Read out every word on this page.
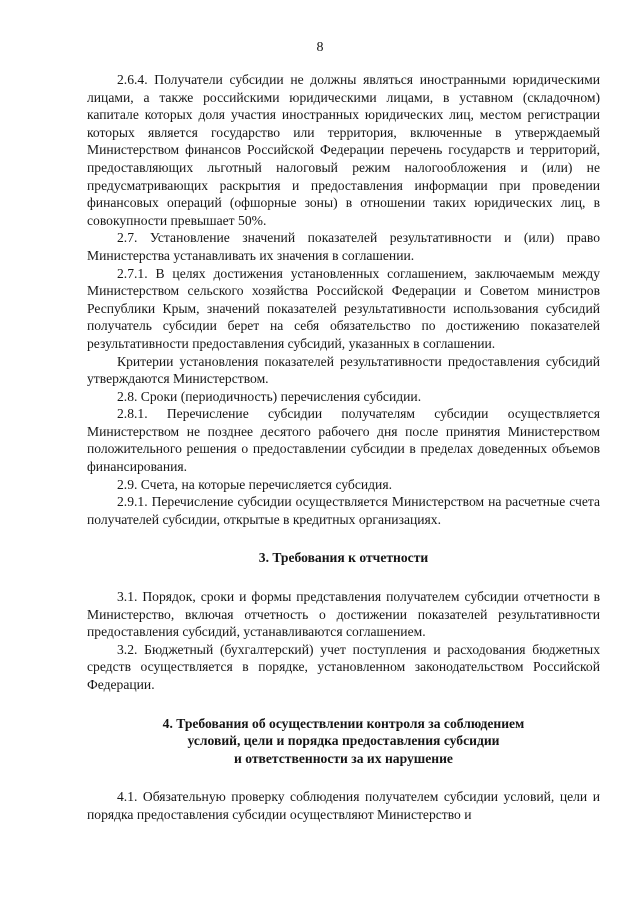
8

2.6.4. Получатели субсидии не должны являться иностранными юридическими лицами, а также российскими юридическими лицами, в уставном (складочном) капитале которых доля участия иностранных юридических лиц, местом регистрации которых является государство или территория, включенные в утверждаемый Министерством финансов Российской Федерации перечень государств и территорий, предоставляющих льготный налоговый режим налогообложения и (или) не предусматривающих раскрытия и предоставления информации при проведении финансовых операций (офшорные зоны) в отношении таких юридических лиц, в совокупности превышает 50%.

2.7. Установление значений показателей результативности и (или) право Министерства устанавливать их значения в соглашении.

2.7.1. В целях достижения установленных соглашением, заключаемым между Министерством сельского хозяйства Российской Федерации и Советом министров Республики Крым, значений показателей результативности использования субсидий получатель субсидии берет на себя обязательство по достижению показателей результативности предоставления субсидий, указанных в соглашении.

Критерии установления показателей результативности предоставления субсидий утверждаются Министерством.

2.8. Сроки (периодичность) перечисления субсидии.

2.8.1. Перечисление субсидии получателям субсидии осуществляется Министерством не позднее десятого рабочего дня после принятия Министерством положительного решения о предоставлении субсидии в пределах доведенных объемов финансирования.

2.9. Счета, на которые перечисляется субсидия.

2.9.1. Перечисление субсидии осуществляется Министерством на расчетные счета получателей субсидии, открытые в кредитных организациях.

3. Требования к отчетности

3.1. Порядок, сроки и формы представления получателем субсидии отчетности в Министерство, включая отчетность о достижении показателей результативности предоставления субсидий, устанавливаются соглашением.

3.2. Бюджетный (бухгалтерский) учет поступления и расходования бюджетных средств осуществляется в порядке, установленном законодательством Российской Федерации.

4. Требования об осуществлении контроля за соблюдением
условий, цели и порядка предоставления субсидии
и ответственности за их нарушение

4.1. Обязательную проверку соблюдения получателем субсидии условий, цели и порядка предоставления субсидии осуществляют Министерство и
